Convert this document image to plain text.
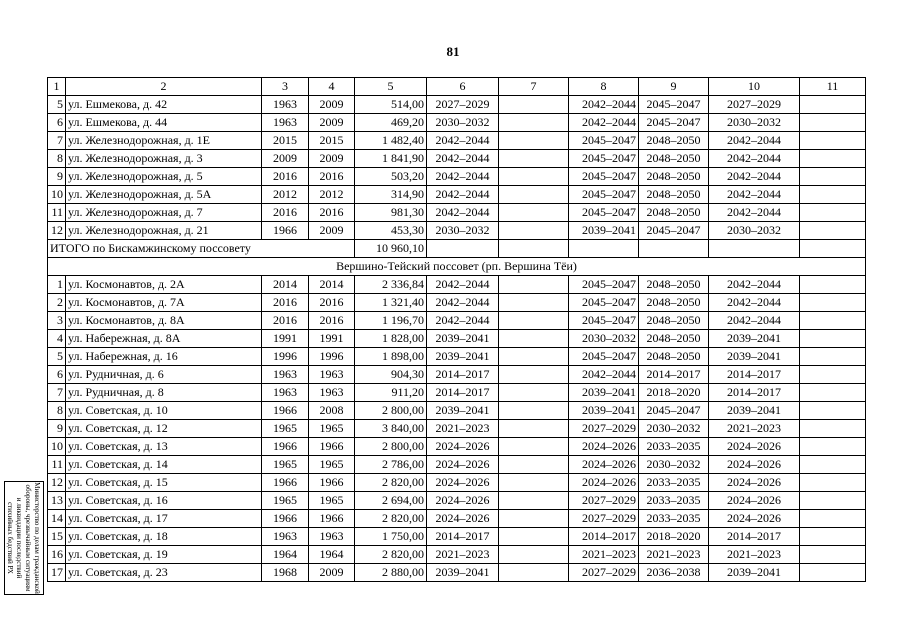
81
1	2	3	4	5	6	7	8	9	10	11
5	ул. Ешмекова, д. 42	1963	2009	514,00	2027–2029		2042–2044	2045–2047	2027–2029	
6	ул. Ешмекова, д. 44	1963	2009	469,20	2030–2032		2042–2044	2045–2047	2030–2032	
7	ул. Железнодорожная, д. 1Е	2015	2015	1 482,40	2042–2044		2045–2047	2048–2050	2042–2044	
8	ул. Железнодорожная, д. 3	2009	2009	1 841,90	2042–2044		2045–2047	2048–2050	2042–2044	
9	ул. Железнодорожная, д. 5	2016	2016	503,20	2042–2044		2045–2047	2048–2050	2042–2044	
10	ул. Железнодорожная, д. 5А	2012	2012	314,90	2042–2044		2045–2047	2048–2050	2042–2044	
11	ул. Железнодорожная, д. 7	2016	2016	981,30	2042–2044		2045–2047	2048–2050	2042–2044	
12	ул. Железнодорожная, д. 21	1966	2009	453,30	2030–2032		2039–2041	2045–2047	2030–2032	
ИТОГО по Бискамжинскому поссовету				10 960,10						
Вершино-Тейский поссовет (рп. Вершина Тёи)										
1	ул. Космонавтов, д. 2А	2014	2014	2 336,84	2042–2044		2045–2047	2048–2050	2042–2044	
2	ул. Космонавтов, д. 7А	2016	2016	1 321,40	2042–2044		2045–2047	2048–2050	2042–2044	
3	ул. Космонавтов, д. 8А	2016	2016	1 196,70	2042–2044		2045–2047	2048–2050	2042–2044	
4	ул. Набережная, д. 8А	1991	1991	1 828,00	2039–2041		2030–2032	2048–2050	2039–2041	
5	ул. Набережная, д. 16	1996	1996	1 898,00	2039–2041		2045–2047	2048–2050	2039–2041	
6	ул. Рудничная, д. 6	1963	1963	904,30	2014–2017		2042–2044	2014–2017	2014–2017	
7	ул. Рудничная, д. 8	1963	1963	911,20	2014–2017		2039–2041	2018–2020	2014–2017	
8	ул. Советская, д. 10	1966	2008	2 800,00	2039–2041		2039–2041	2045–2047	2039–2041	
9	ул. Советская, д. 12	1965	1965	3 840,00	2021–2023		2027–2029	2030–2032	2021–2023	
10	ул. Советская, д. 13	1966	1966	2 800,00	2024–2026		2024–2026	2033–2035	2024–2026	
11	ул. Советская, д. 14	1965	1965	2 786,00	2024–2026		2024–2026	2030–2032	2024–2026	
12	ул. Советская, д. 15	1966	1966	2 820,00	2024–2026		2024–2026	2033–2035	2024–2026	
13	ул. Советская, д. 16	1965	1965	2 694,00	2024–2026		2027–2029	2033–2035	2024–2026	
14	ул. Советская, д. 17	1966	1966	2 820,00	2024–2026		2027–2029	2033–2035	2024–2026	
15	ул. Советская, д. 18	1963	1963	1 750,00	2014–2017		2014–2017	2018–2020	2014–2017	
16	ул. Советская, д. 19	1964	1964	2 820,00	2021–2023		2021–2023	2021–2023	2021–2023	
17	ул. Советская, д. 23	1968	2009	2 880,00	2039–2041		2027–2029	2036–2038	2039–2041	
Министерство по делам гражданской обороны, чрезвычайным ситуациям и ликвидации последствий стихийных бедствий РХ
